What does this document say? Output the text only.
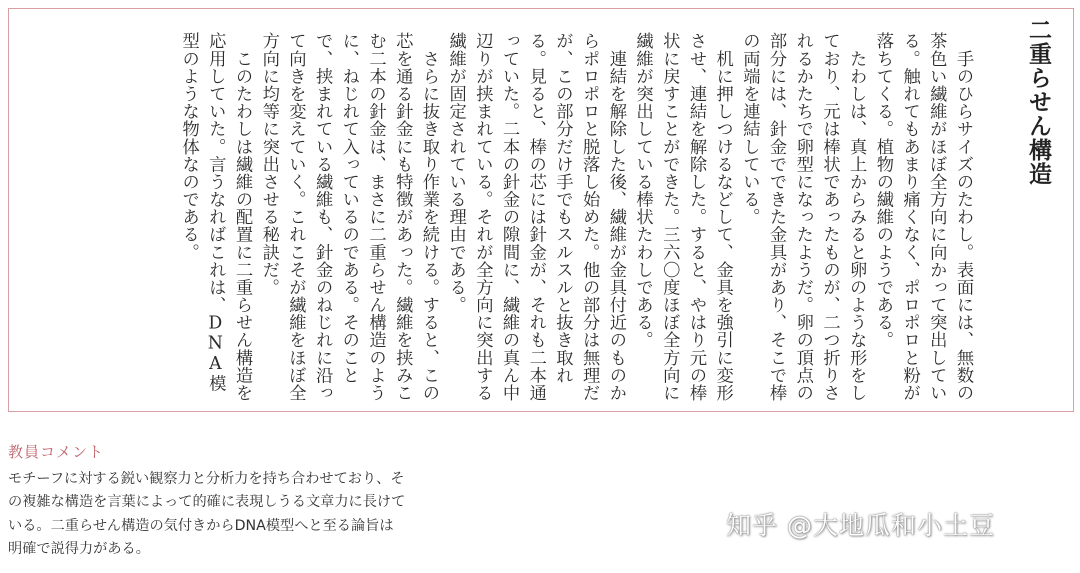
二重らせん構造

　手のひらサイズのたわし。表面には、無数の茶色い繊維がほぼ全方向に向かって突出している。触れてもあまり痛くなく、ポロポロと粉が落ちてくる。植物の繊維のようである。

　たわしは、真上からみると卵のような形をしており、元は棒状であったものが、二つ折りされるかたちで卵型になったようだ。卵の頂点の部分には、針金でできた金具があり、そこで棒の両端を連結している。

　机に押しつけるなどして、金具を強引に変形させ、連結を解除した。すると、やはり元の棒状に戻すことができた。三六〇度ほぼ全方向に繊維が突出している棒状たわしである。

　連結を解除した後、繊維が金具付近のものからポロポロと脱落し始めた。他の部分は無理だが、この部分だけ手でもスルスルと抜き取れる。見ると、棒の芯には針金が、それも二本通っていた。二本の針金の隙間に、繊維の真ん中辺りが挟まれている。それが全方向に突出する繊維が固定されている理由である。

　さらに抜き取り作業を続ける。すると、この芯を通る針金にも特徴があった。繊維を挟みこむ二本の針金は、まさに二重らせん構造のように、ねじれて入っているのである。そのことで、挟まれている繊維も、針金のねじれに沿って向きを変えていく。これこそが繊維をほぼ全方向に均等に突出させる秘訣だ。

　このたわしは繊維の配置に二重らせん構造を応用していた。言うなればこれは、DNA模型のような物体なのである。

教員コメント

モチーフに対する鋭い観察力と分析力を持ち合わせており、その複雑な構造を言葉によって的確に表現しうる文章力に長けている。二重らせん構造の気付きからDNA模型へと至る論旨は明確で説得力がある。

知乎 @大地瓜和小土豆
